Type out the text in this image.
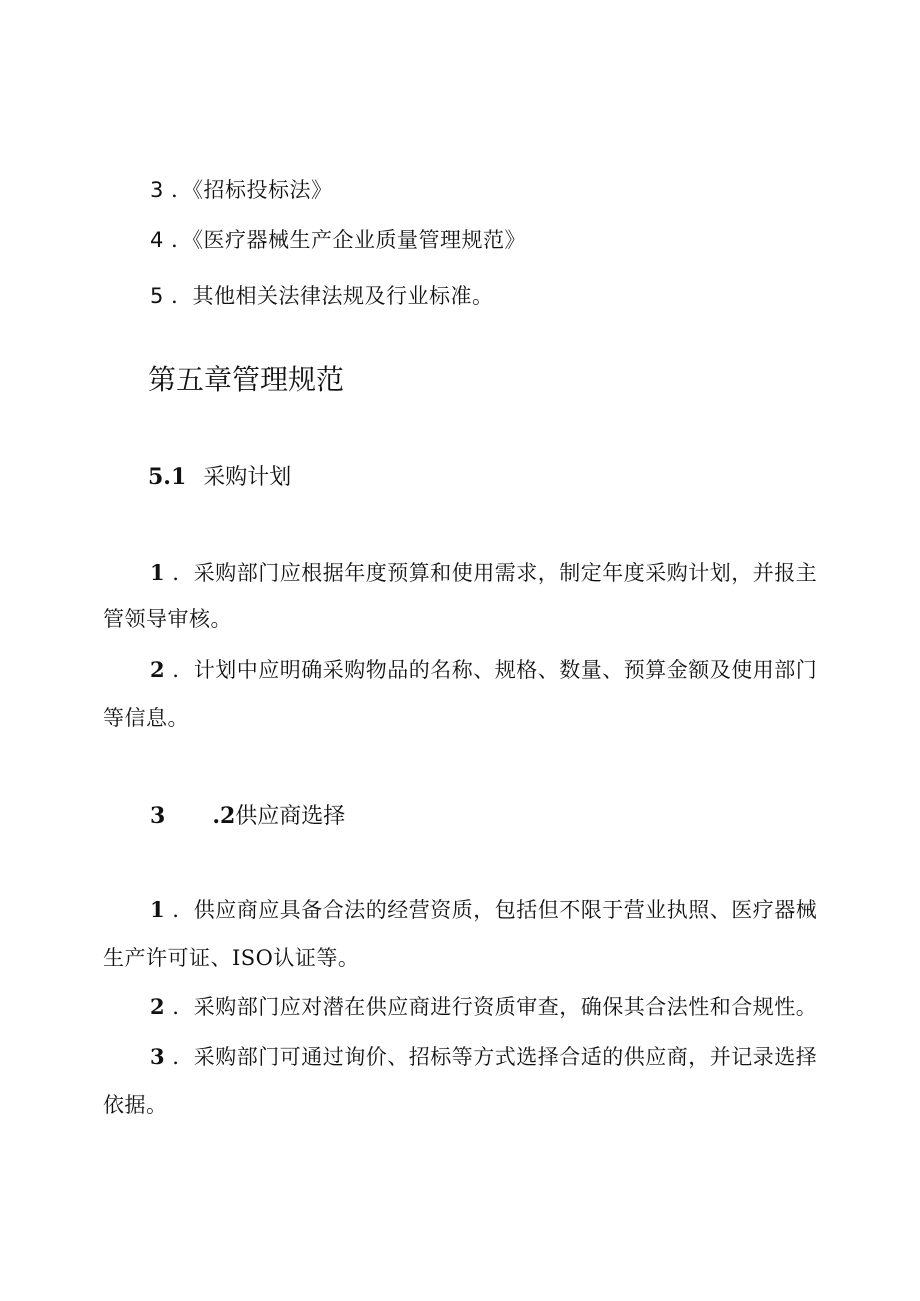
3 ．《招标投标法》
4 ．《医疗器械生产企业质量管理规范》
5 ．其他相关法律法规及行业标准。
第五章管理规范
5.1 采购计划
1 ．采购部门应根据年度预算和使用需求，制定年度采购计划，并报主
管领导审核。
2 ．计划中应明确采购物品的名称、规格、数量、预算金额及使用部门
等信息。
3 .2供应商选择
1 ．供应商应具备合法的经营资质，包括但不限于营业执照、医疗器械
生产许可证、ISO认证等。
2 ．采购部门应对潜在供应商进行资质审查，确保其合法性和合规性。
3 ．采购部门可通过询价、招标等方式选择合适的供应商，并记录选择
依据。
